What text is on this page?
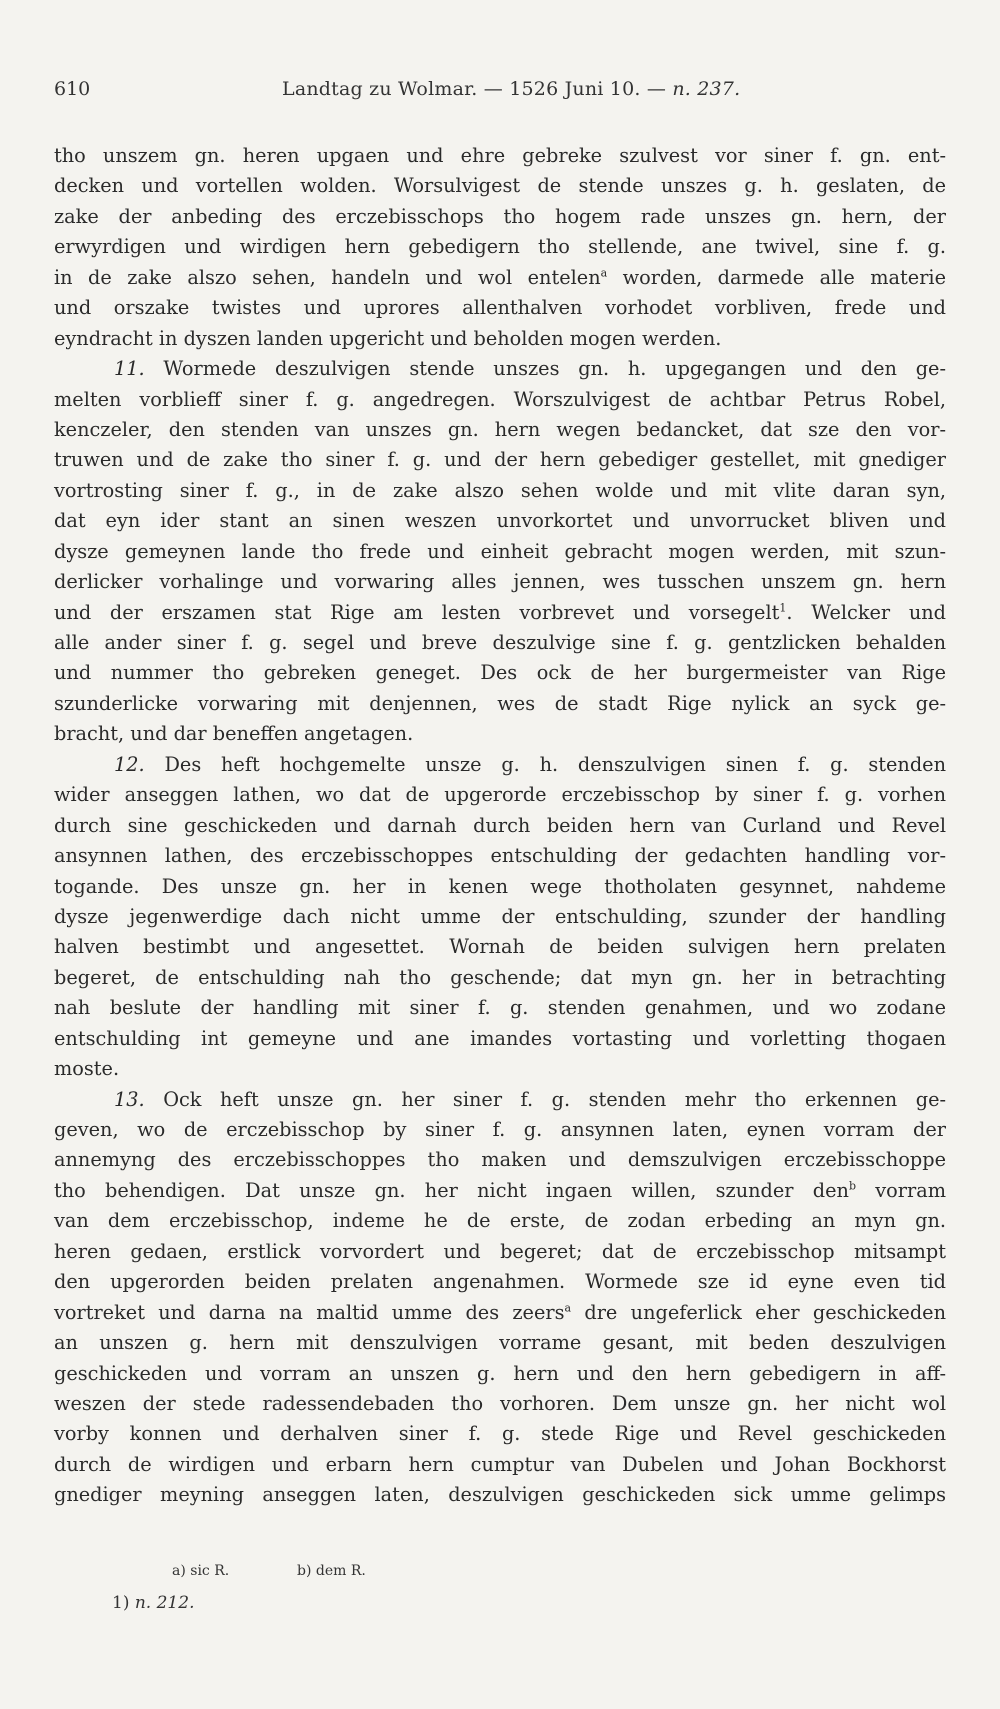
610	Landtag zu Wolmar. — 1526 Juni 10. — n. 237.
tho unszem gn. heren upgaen und ehre gebreke szulvest vor siner f. gn. ent-
decken und vortellen wolden. Worsulvigest de stende unszes g. h. geslaten, de
zake der anbeding des erczebisschops tho hogem rade unszes gn. hern, der
erwyrdigen und wirdigen hern gebedigern tho stellende, ane twivel, sine f. g.
in de zake alszo sehen, handeln und wol entelen$^a$ worden, darmede alle materie
und orszake twistes und uprores allenthalven vorhodet vorbliven, frede und
eyndracht in dyszen landen upgericht und beholden mogen werden.
11. Wormede deszulvigen stende unszes gn. h. upgegangen und den ge-
melten vorblieff siner f. g. angedregen. Worszulvigest de achtbar Petrus Robel,
kenczeler, den stenden van unszes gn. hern wegen bedancket, dat sze den vor-
truwen und de zake tho siner f. g. und der hern gebediger gestellet, mit gnediger
vortrosting siner f. g., in de zake alszo sehen wolde und mit vlite daran syn,
dat eyn ider stant an sinen weszen unvorkortet und unvorrucket bliven und
dysze gemeynen lande tho frede und einheit gebracht mogen werden, mit szun-
derlicker vorhalinge und vorwaring alles jennen, wes tusschen unszem gn. hern
und der erszamen stat Rige am lesten vorbrevet und vorsegelt$^1$. Welcker und
alle ander siner f. g. segel und breve deszulvige sine f. g. gentzlicken behalden
und nummer tho gebreken geneget. Des ock de her burgermeister van Rige
szunderlicke vorwaring mit denjennen, wes de stadt Rige nylick an syck ge-
bracht, und dar beneffen angetagen.
12. Des heft hochgemelte unsze g. h. denszulvigen sinen f. g. stenden
wider anseggen lathen, wo dat de upgerorde erczebisschop by siner f. g. vorhen
durch sine geschickeden und darnah durch beiden hern van Curland und Revel
ansynnen lathen, des erczebisschoppes entschulding der gedachten handling vor-
togande. Des unsze gn. her in kenen wege thotholaten gesynnet, nahdeme
dysze jegenwerdige dach nicht umme der entschulding, szunder der handling
halven bestimbt und angesettet. Wornah de beiden sulvigen hern prelaten
begeret, de entschulding nah tho geschende; dat myn gn. her in betrachting
nah beslute der handling mit siner f. g. stenden genahmen, und wo zodane
entschulding int gemeyne und ane imandes vortasting und vorletting thogaen
moste.
13. Ock heft unsze gn. her siner f. g. stenden mehr tho erkennen ge-
geven, wo de erczebisschop by siner f. g. ansynnen laten, eynen vorram der
annemyng des erczebisschoppes tho maken und demszulvigen erczebisschoppe
tho behendigen. Dat unsze gn. her nicht ingaen willen, szunder den$^b$ vorram
van dem erczebisschop, indeme he de erste, de zodan erbeding an myn gn.
heren gedaen, erstlick vorvordert und begeret; dat de erczebisschop mitsampt
den upgerorden beiden prelaten angenahmen. Wormede sze id eyne even tid
vortreket und darna na maltid umme des zeers$^a$ dre ungeferlick eher geschickeden
an unszen g. hern mit denszulvigen vorrame gesant, mit beden deszulvigen
geschickeden und vorram an unszen g. hern und den hern gebedigern in aff-
weszen der stede radessendebaden tho vorhoren. Dem unsze gn. her nicht wol
vorby konnen und derhalven siner f. g. stede Rige und Revel geschickeden
durch de wirdigen und erbarn hern cumptur van Dubelen und Johan Bockhorst
gnediger meyning anseggen laten, deszulvigen geschickeden sick umme gelimps
a) sic R.	b) dem R.
1) n. 212.
